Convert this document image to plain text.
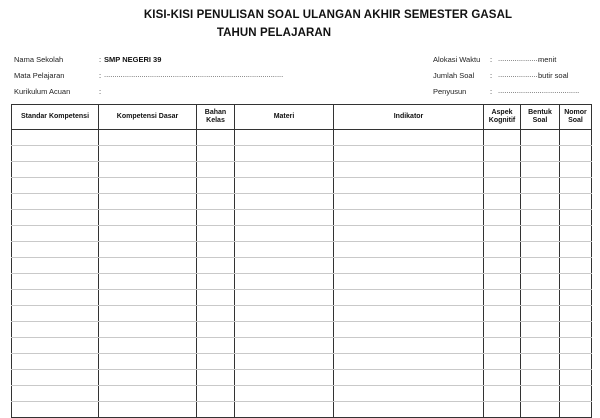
KISI-KISI PENULISAN SOAL ULANGAN AKHIR SEMESTER GASAL
TAHUN PELAJARAN
Nama Sekolah	: SMP NEGERI 39
Mata Pelajaran	: ......................................................................................
Kurikulum Acuan	:
Alokasi Waktu : .....................
menit
Jumlah Soal : ................... butir soal
Penyusun	: .......................................
Standar Kompetensi	Kompetensi Dasar	Bahan Kelas	Materi	Indikator	Aspek Kognitif	Bentuk Soal	Nomor Soal
